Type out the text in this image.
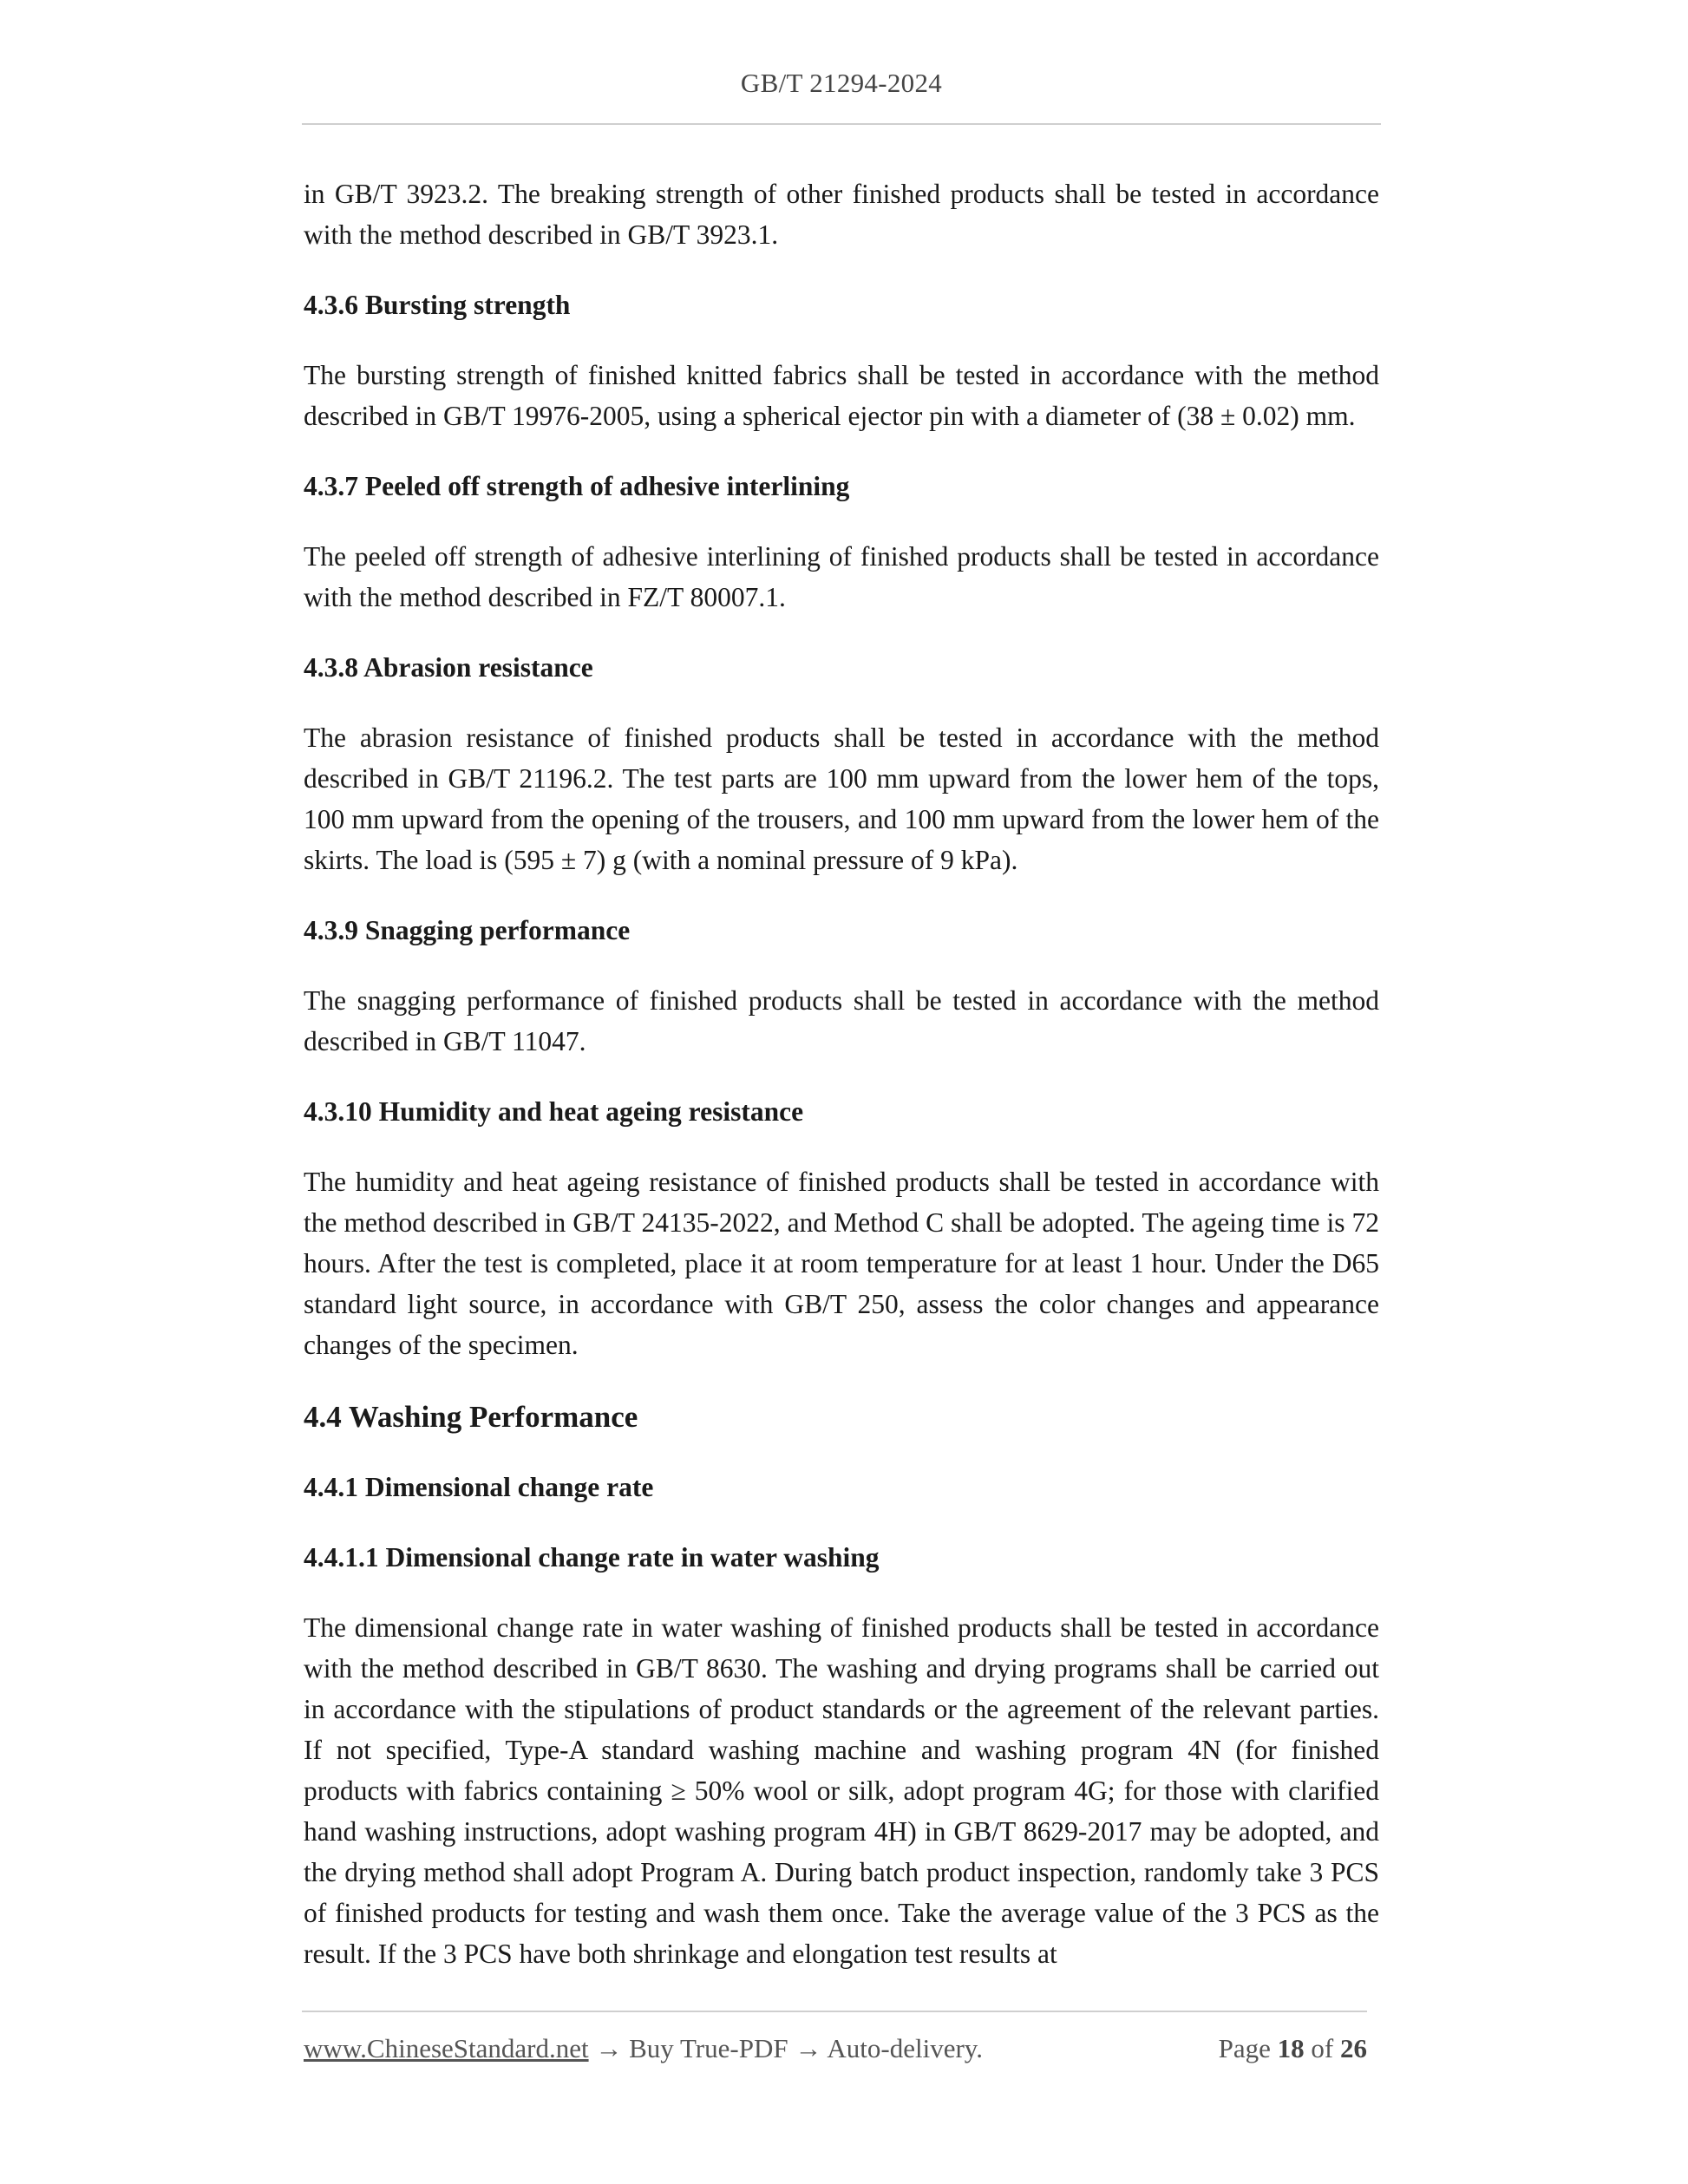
GB/T 21294-2024

in GB/T 3923.2. The breaking strength of other finished products shall be tested in accordance with the method described in GB/T 3923.1.

4.3.6 Bursting strength

The bursting strength of finished knitted fabrics shall be tested in accordance with the method described in GB/T 19976-2005, using a spherical ejector pin with a diameter of (38 ± 0.02) mm.

4.3.7 Peeled off strength of adhesive interlining

The peeled off strength of adhesive interlining of finished products shall be tested in accordance with the method described in FZ/T 80007.1.

4.3.8 Abrasion resistance

The abrasion resistance of finished products shall be tested in accordance with the method described in GB/T 21196.2. The test parts are 100 mm upward from the lower hem of the tops, 100 mm upward from the opening of the trousers, and 100 mm upward from the lower hem of the skirts. The load is (595 ± 7) g (with a nominal pressure of 9 kPa).

4.3.9 Snagging performance

The snagging performance of finished products shall be tested in accordance with the method described in GB/T 11047.

4.3.10 Humidity and heat ageing resistance

The humidity and heat ageing resistance of finished products shall be tested in accordance with the method described in GB/T 24135-2022, and Method C shall be adopted. The ageing time is 72 hours. After the test is completed, place it at room temperature for at least 1 hour. Under the D65 standard light source, in accordance with GB/T 250, assess the color changes and appearance changes of the specimen.

4.4 Washing Performance
4.4.1 Dimensional change rate
4.4.1.1 Dimensional change rate in water washing

The dimensional change rate in water washing of finished products shall be tested in accordance with the method described in GB/T 8630. The washing and drying programs shall be carried out in accordance with the stipulations of product standards or the agreement of the relevant parties. If not specified, Type-A standard washing machine and washing program 4N (for finished products with fabrics containing ≥ 50% wool or silk, adopt program 4G; for those with clarified hand washing instructions, adopt washing program 4H) in GB/T 8629-2017 may be adopted, and the drying method shall adopt Program A. During batch product inspection, randomly take 3 PCS of finished products for testing and wash them once. Take the average value of the 3 PCS as the result. If the 3 PCS have both shrinkage and elongation test results at

www.ChineseStandard.net → Buy True-PDF → Auto-delivery.	Page 18 of 26
